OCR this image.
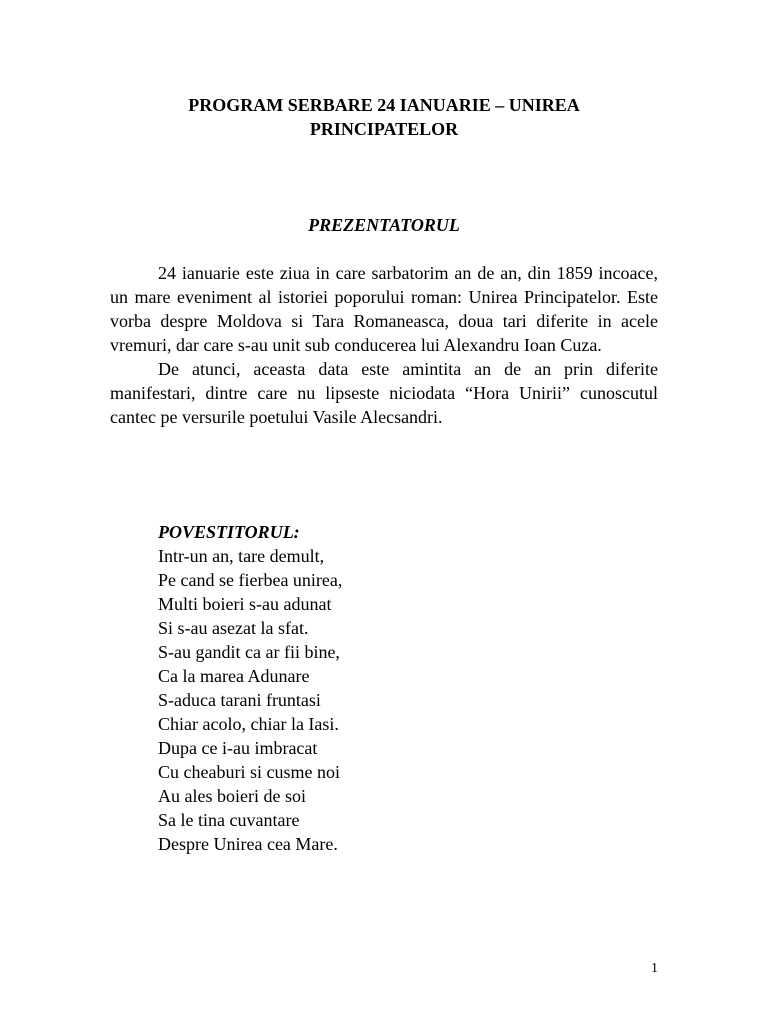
PROGRAM SERBARE 24 IANUARIE – UNIREA
PRINCIPATELOR
PREZENTATORUL

24 ianuarie este ziua in care sarbatorim an de an, din 1859 incoace, un mare eveniment al istoriei poporului roman: Unirea Principatelor. Este vorba despre Moldova si Tara Romaneasca, doua tari diferite in acele vremuri, dar care s-au unit sub conducerea lui Alexandru Ioan Cuza.

De atunci, aceasta data este amintita an de an prin diferite manifestari, dintre care nu lipseste niciodata “Hora Unirii” cunoscutul cantec pe versurile poetului Vasile Alecsandri.

POVESTITORUL:
Intr-un an, tare demult,
Pe cand se fierbea unirea,
Multi boieri s-au adunat
Si s-au asezat la sfat.
S-au gandit ca ar fii bine,
Ca la marea Adunare
S-aduca tarani fruntasi
Chiar acolo, chiar la Iasi.
Dupa ce i-au imbracat
Cu cheaburi si cusme noi
Au ales boieri de soi
Sa le tina cuvantare
Despre Unirea cea Mare.
1
